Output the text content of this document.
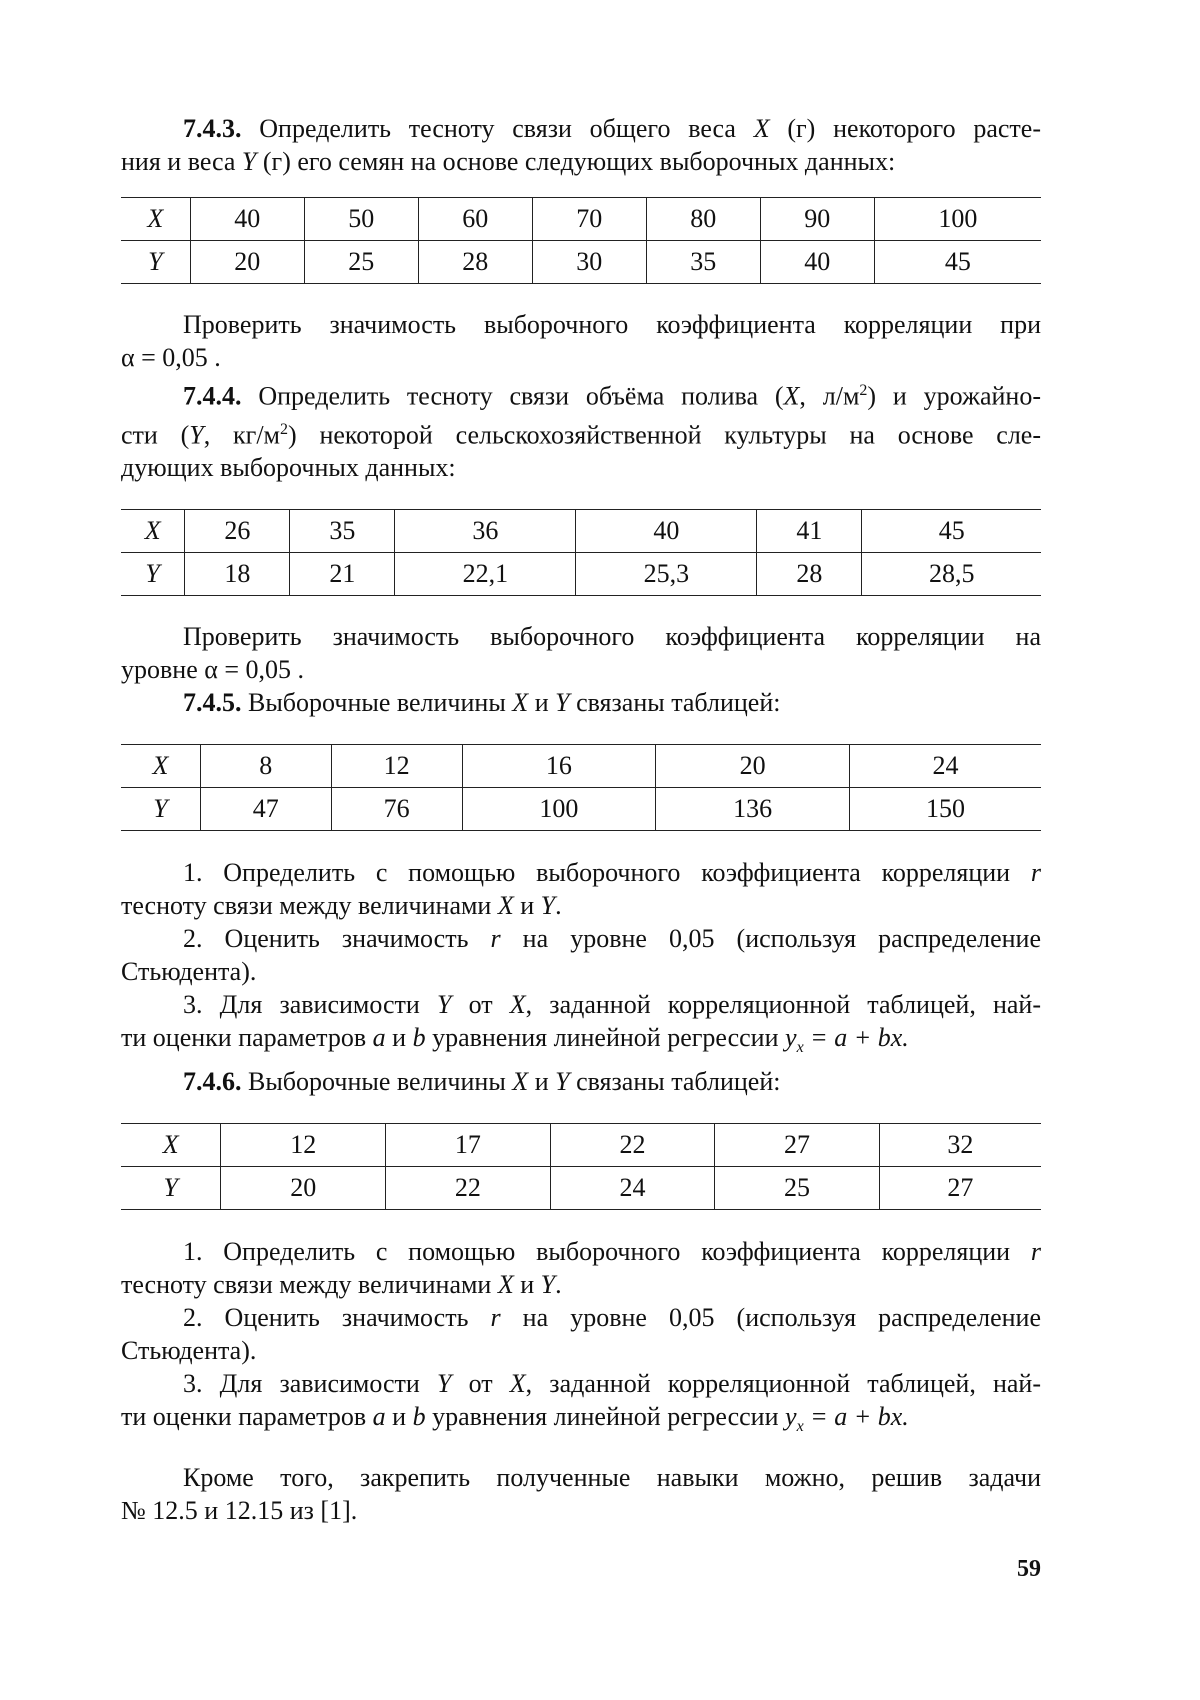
7.4.3. Определить тесноту связи общего веса X (г) некоторого расте-

ния и веса Y (г) его семян на основе следующих выборочных данных:

X	40	50	60	70	80	90	100
Y	20	25	28	30	35	40	45

Проверить значимость выборочного коэффициента корреляции при

α = 0,05 .

7.4.4. Определить тесноту связи объёма полива (X, $л/м^2$) и урожайно-

сти (Y, $кг/м^2$) некоторой сельскохозяйственной культуры на основе сле-

дующих выборочных данных:

X	26	35	36	40	41	45
Y	18	21	22,1	25,3	28	28,5

Проверить значимость выборочного коэффициента корреляции на

уровне α = 0,05 .

7.4.5. Выборочные величины X и Y связаны таблицей:

X	8	12	16	20	24
Y	47	76	100	136	150

1. Определить с помощью выборочного коэффициента корреляции r

тесноту связи между величинами X и Y.

2. Оценить значимость r на уровне 0,05 (используя распределение

Стьюдента).

3. Для зависимости Y от X, заданной корреляционной таблицей, най-

ти оценки параметров a и b уравнения линейной регрессии $y_x = a$ + bx.

7.4.6. Выборочные величины X и Y связаны таблицей:

X	12	17	22	27	32
Y	20	22	24	25	27

1. Определить с помощью выборочного коэффициента корреляции r

тесноту связи между величинами X и Y.

2. Оценить значимость r на уровне 0,05 (используя распределение

Стьюдента).

3. Для зависимости Y от X, заданной корреляционной таблицей, най-

ти оценки параметров a и b уравнения линейной регрессии $y_x = a$ + bx.

Кроме того, закрепить полученные навыки можно, решив задачи

№ 12.5 и 12.15 из [1].

59
